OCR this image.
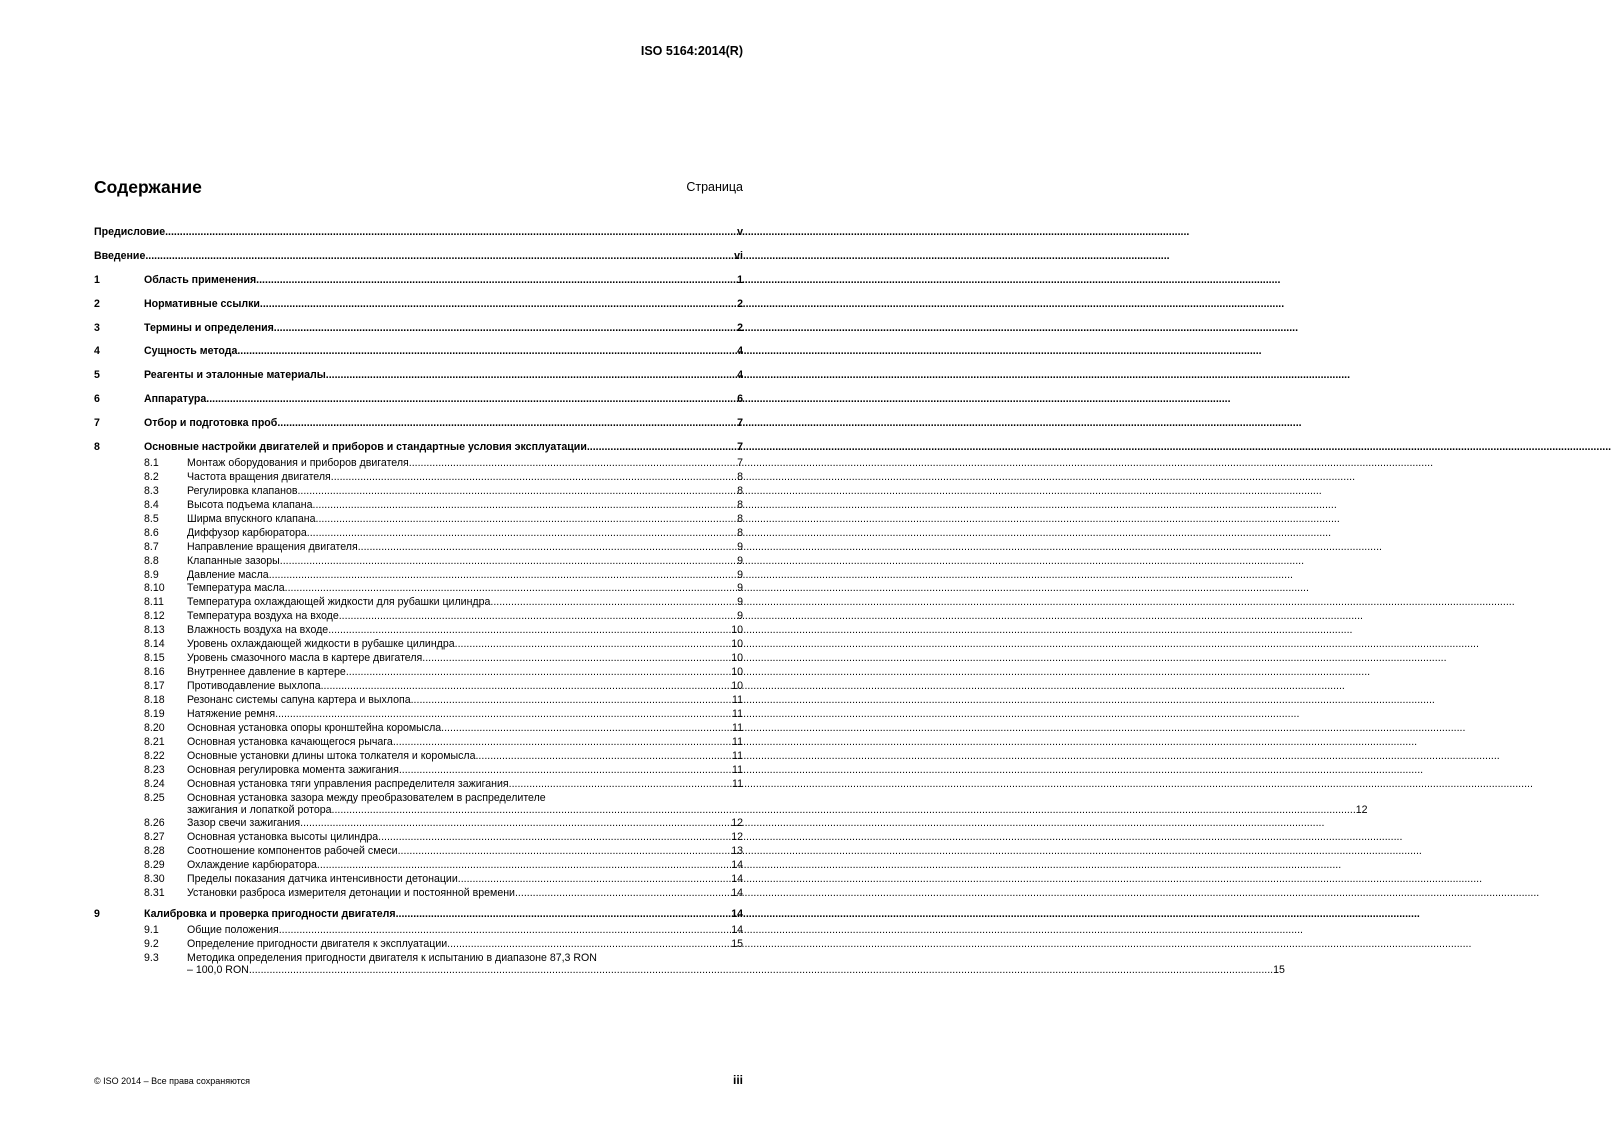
ISO 5164:2014(R)
Содержание	Страница
Предисловие .....	v
Введение .....	vi
1	Область применения .....	1
2	Нормативные ссылки .....	2
3	Термины и определения .....	2
4	Сущность метода .....	4
5	Реагенты и эталонные материалы .....	4
6	Аппаратура .....	6
7	Отбор и подготовка проб .....	7
8	Основные настройки двигателей и приборов и стандартные условия эксплуатации .....	7
8.1	Монтаж оборудования и приборов двигателя .....	7
8.2	Частота вращения двигателя .....	8
8.3	Регулировка клапанов .....	8
8.4	Высота подъема клапана .....	8
8.5	Ширма впускного клапана .....	8
8.6	Диффузор карбюратора .....	8
8.7	Направление вращения двигателя .....	9
8.8	Клапанные зазоры .....	9
8.9	Давление масла .....	9
8.10	Температура масла .....	9
8.11	Температура охлаждающей жидкости для рубашки цилиндра .....	9
8.12	Температура воздуха на входе .....	9
8.13	Влажность воздуха на входе .....	10
8.14	Уровень охлаждающей жидкости в рубашке цилиндра .....	10
8.15	Уровень смазочного масла в картере двигателя .....	10
8.16	Внутреннее давление в картере .....	10
8.17	Противодавление выхлопа .....	10
8.18	Резонанс системы сапуна картера и выхлопа .....	11
8.19	Натяжение ремня .....	11
8.20	Основная установка опоры кронштейна коромысла .....	11
8.21	Основная установка качающегося рычага .....	11
8.22	Основные установки длины штока толкателя и коромысла .....	11
8.23	Основная регулировка момента зажигания .....	11
8.24	Основная установка тяги управления распределителя зажигания .....	11
8.25	Основная установка зазора между преобразователем в распределителе
зажигания и лопаткой ротора .....	12
8.26	Зазор свечи зажигания .....	12
8.27	Основная установка высоты цилиндра .....	12
8.28	Соотношение компонентов рабочей смеси .....	13
8.29	Охлаждение карбюратора .....	14
8.30	Пределы показания датчика интенсивности детонации .....	14
8.31	Установки разброса измерителя детонации и постоянной времени .....	14
9	Калибровка и проверка пригодности двигателя .....	14
9.1	Общие положения .....	14
9.2	Определение пригодности двигателя к эксплуатации .....	15
9.3	Методика определения пригодности двигателя к испытанию в диапазоне 87,3 RON
– 100,0 RON .....	15
© ISO 2014 – Все права сохраняются	iii
